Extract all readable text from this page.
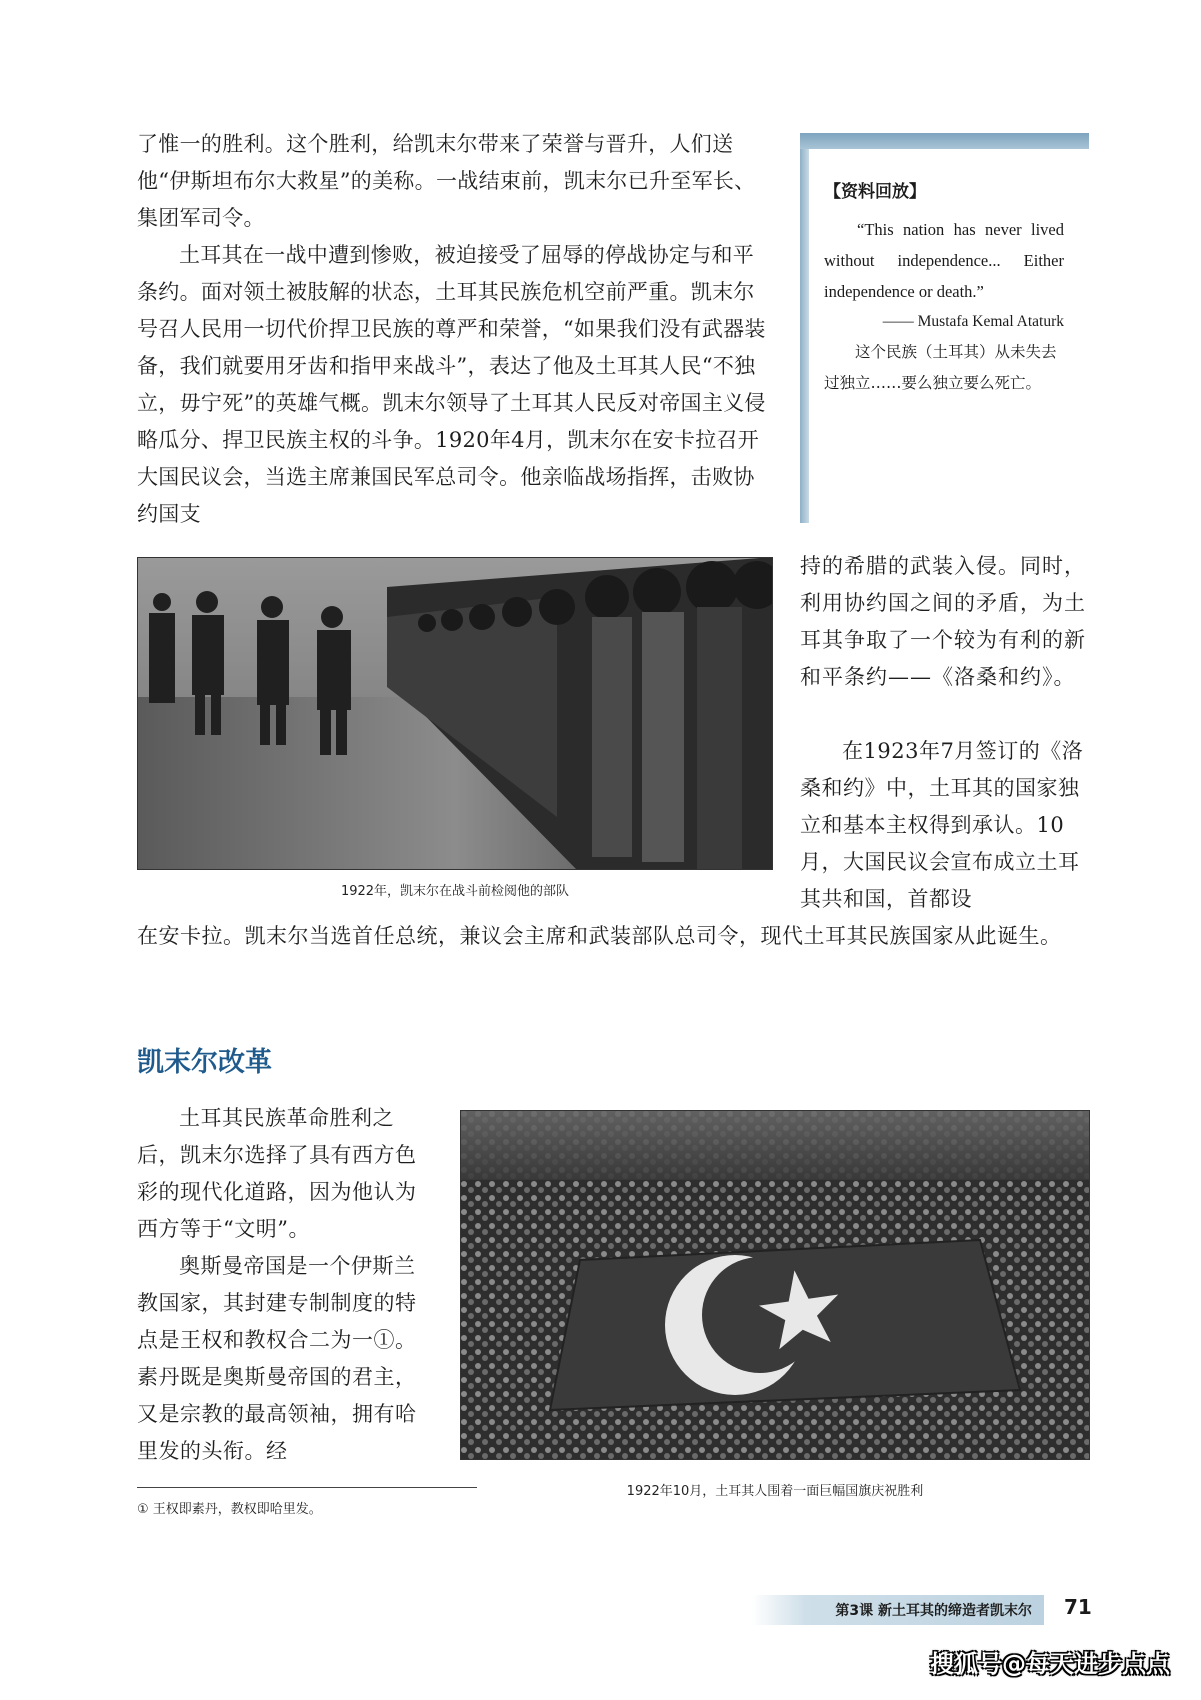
了惟一的胜利。这个胜利，给凯末尔带来了荣誉与晋升，人们送他“伊斯坦布尔大救星”的美称。一战结束前，凯末尔已升至军长、集团军司令。

土耳其在一战中遭到惨败，被迫接受了屈辱的停战协定与和平条约。面对领土被肢解的状态，土耳其民族危机空前严重。凯末尔号召人民用一切代价捍卫民族的尊严和荣誉，“如果我们没有武器装备，我们就要用牙齿和指甲来战斗”，表达了他及土耳其人民“不独立，毋宁死”的英雄气概。凯末尔领导了土耳其人民反对帝国主义侵略瓜分、捍卫民族主权的斗争。1920年4月，凯末尔在安卡拉召开大国民议会，当选主席兼国民军总司令。他亲临战场指挥，击败协约国支

【资料回放】

“This nation has never lived without independence... Either independence or death.”

—— Mustafa Kemal Ataturk

这个民族（土耳其）从未失去过独立……要么独立要么死亡。

1922年，凯末尔在战斗前检阅他的部队

持的希腊的武装入侵。同时，利用协约国之间的矛盾，为土耳其争取了一个较为有利的新和平条约——《洛桑和约》。

在1923年7月签订的《洛桑和约》中，土耳其的国家独立和基本主权得到承认。10月，大国民议会宣布成立土耳其共和国，首都设

在安卡拉。凯末尔当选首任总统，兼议会主席和武装部队总司令，现代土耳其民族国家从此诞生。

凯末尔改革

土耳其民族革命胜利之后，凯末尔选择了具有西方色彩的现代化道路，因为他认为西方等于“文明”。

奥斯曼帝国是一个伊斯兰教国家，其封建专制制度的特点是王权和教权合二为一①。素丹既是奥斯曼帝国的君主，又是宗教的最高领袖，拥有哈里发的头衔。经

1922年10月，土耳其人围着一面巨幅国旗庆祝胜利

① 王权即素丹，教权即哈里发。

第3课 新土耳其的缔造者凯末尔 71
搜狐号@每天进步点点
